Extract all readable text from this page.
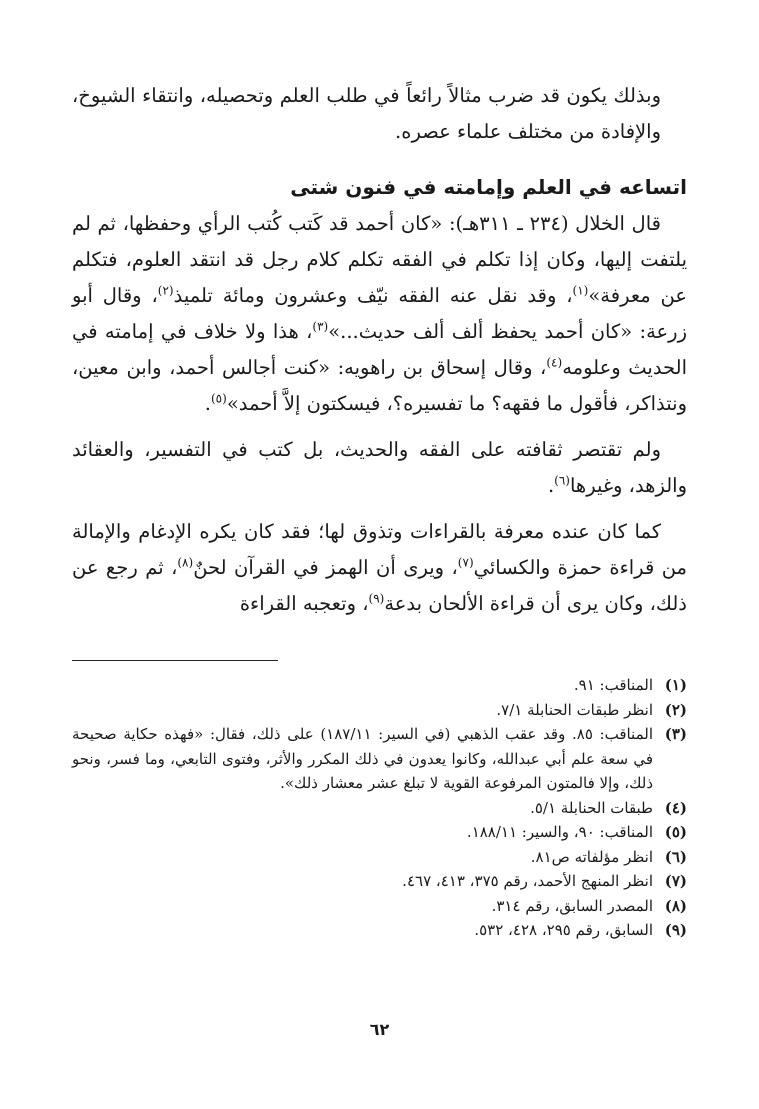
وبذلك يكون قد ضرب مثالاً رائعاً في طلب العلم وتحصيله، وانتقاء الشيوخ، والإفادة من مختلف علماء عصره.

اتساعه في العلم وإمامته في فنون شتى

قال الخلال (٢٣٤ ـ ٣١١هـ): «كان أحمد قد كَتب كُتب الرأي وحفظها، ثم لم يلتفت إليها، وكان إذا تكلم في الفقه تكلم كلام رجل قد انتقد العلوم، فتكلم عن معرفة»$^{(١)}$، وقد نقل عنه الفقه نيّف وعشرون ومائة تلميذ$^{(٢)}$، وقال أبو زرعة: «كان أحمد يحفظ ألف ألف حديث...»$^{(٣)}$، هذا ولا خلاف في إمامته في الحديث وعلومه$^{(٤)}$، وقال إسحاق بن راهويه: «كنت أجالس أحمد، وابن معين، ونتذاكر، فأقول ما فقهه؟ ما تفسيره؟، فيسكتون إلاَّ أحمد»$^{(٥)}$.

ولم تقتصر ثقافته على الفقه والحديث، بل كتب في التفسير، والعقائد والزهد، وغيرها$^{(٦)}$.

كما كان عنده معرفة بالقراءات وتذوق لها؛ فقد كان يكره الإدغام والإمالة من قراءة حمزة والكسائي$^{(٧)}$، ويرى أن الهمز في القرآن لحنٌ$^{(٨)}$، ثم رجع عن ذلك، وكان يرى أن قراءة الألحان بدعة$^{(٩)}$، وتعجبه القراءة

(١)
المناقب: ٩١.
(٢)
انظر طبقات الحنابلة ٧/١.
(٣)
المناقب: ٨٥. وقد عقب الذهبي (في السير: ١٨٧/١١) على ذلك، فقال: «فهذه حكاية صحيحة في سعة علم أبي عبدالله، وكانوا يعدون في ذلك المكرر والأثر، وفتوى التابعي، وما فسر، ونحو ذلك، وإلا فالمتون المرفوعة القوية لا تبلغ عشر معشار ذلك».
(٤)
طبقات الحنابلة ٥/١.
(٥)
المناقب: ٩٠، والسير: ١٨٨/١١.
(٦)
انظر مؤلفاته ص٨١.
(٧)
انظر المنهج الأحمد، رقم ٣٧٥، ٤١٣، ٤٦٧.
(٨)
المصدر السابق، رقم ٣١٤.
(٩)
السابق، رقم ٢٩٥، ٤٢٨، ٥٣٢.
٦٢
